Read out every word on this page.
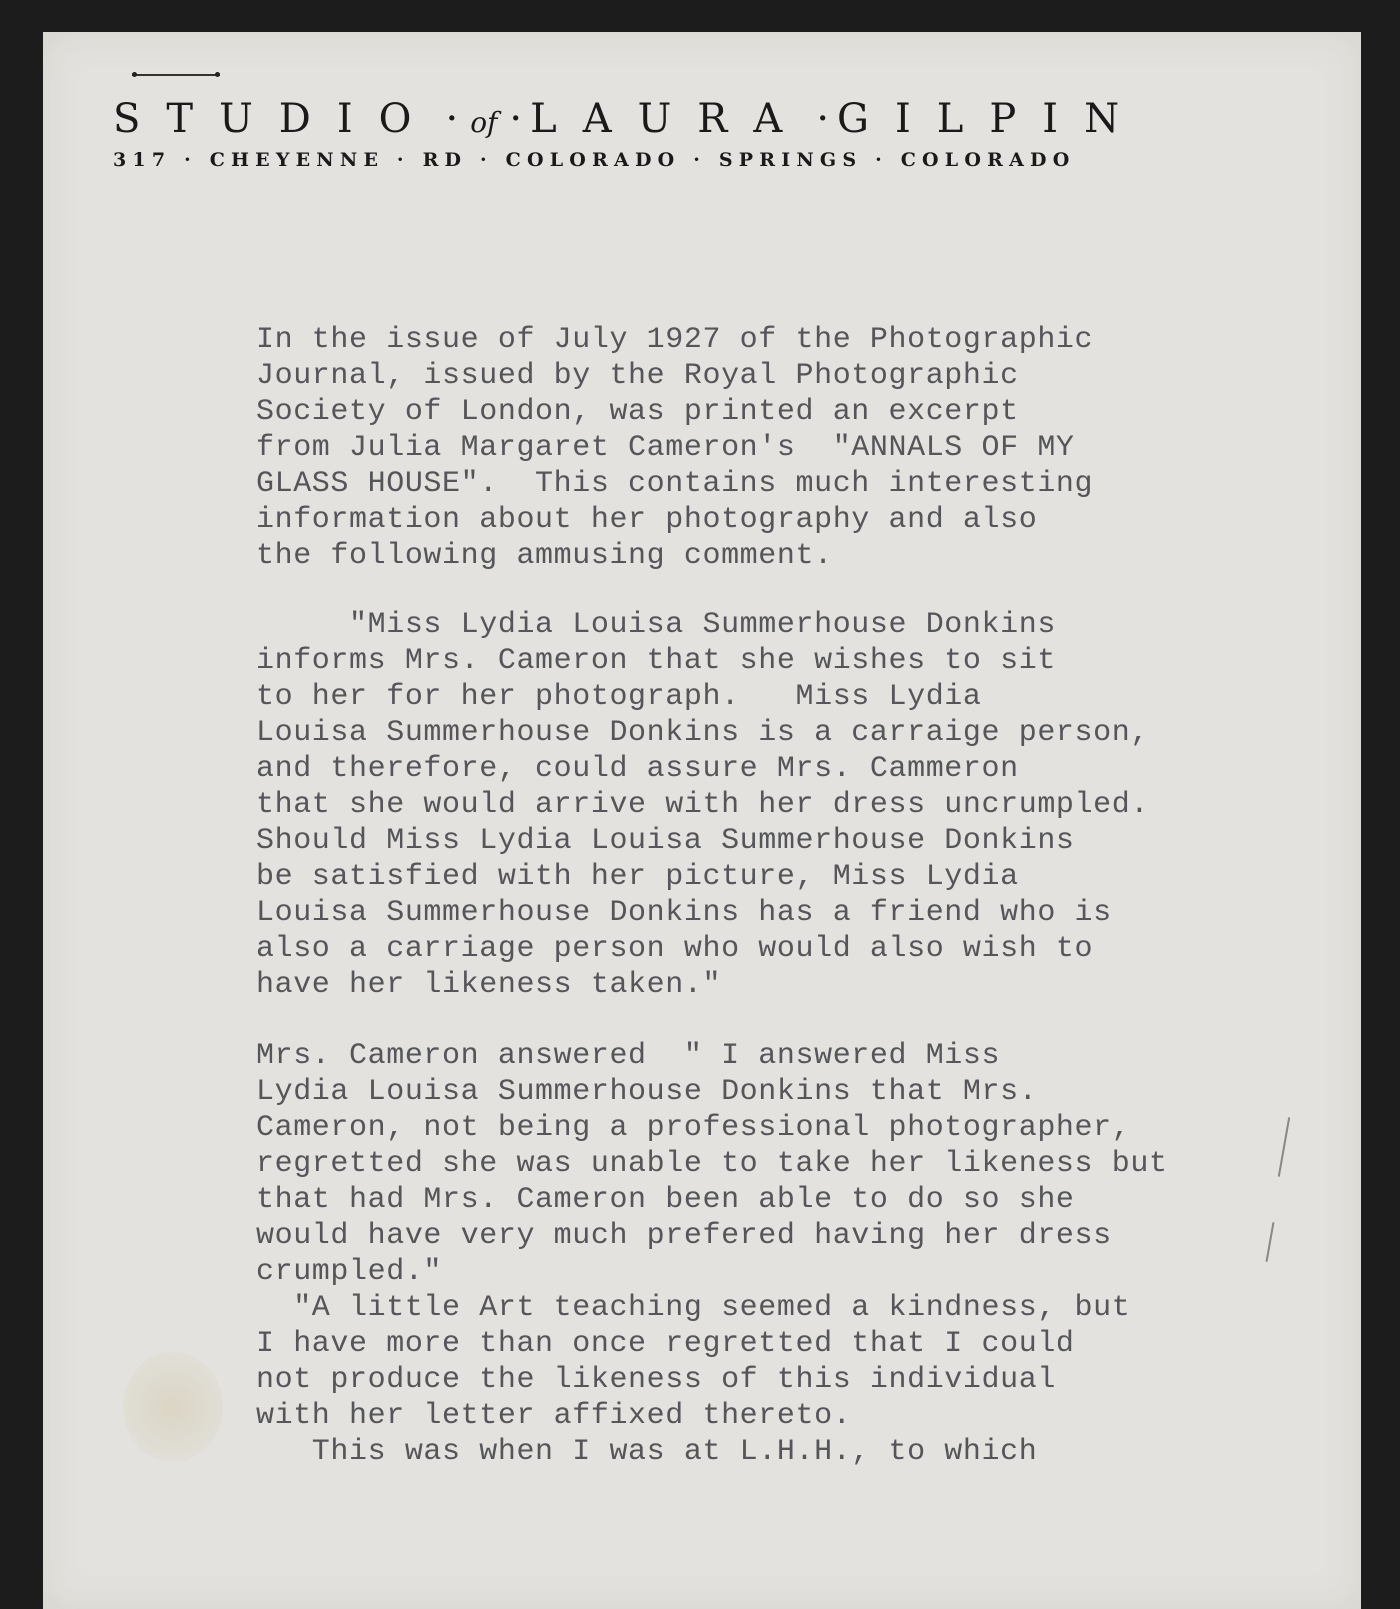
STUDIO · of · LAURA · GILPIN
317 · CHEYENNE · RD · COLORADO · SPRINGS · COLORADO
In the issue of July 1927 of the Photographic
Journal, issued by the Royal Photographic
Society of London, was printed an excerpt
from Julia Margaret Cameron's  "ANNALS OF MY
GLASS HOUSE".  This contains much interesting
information about her photography and also
the following ammusing comment.
"Miss Lydia Louisa Summerhouse Donkins
informs Mrs. Cameron that she wishes to sit
to her for her photograph.   Miss Lydia
Louisa Summerhouse Donkins is a carraige person,
and therefore, could assure Mrs. Cammeron
that she would arrive with her dress uncrumpled.
Should Miss Lydia Louisa Summerhouse Donkins
be satisfied with her picture, Miss Lydia
Louisa Summerhouse Donkins has a friend who is
also a carriage person who would also wish to
have her likeness taken."
Mrs. Cameron answered  " I answered Miss
Lydia Louisa Summerhouse Donkins that Mrs.
Cameron, not being a professional photographer,
regretted she was unable to take her likeness but
that had Mrs. Cameron been able to do so she
would have very much prefered having her dress
crumpled."
"A little Art teaching seemed a kindness, but
I have more than once regretted that I could
not produce the likeness of this individual
with her letter affixed thereto.
This was when I was at L.H.H., to which
